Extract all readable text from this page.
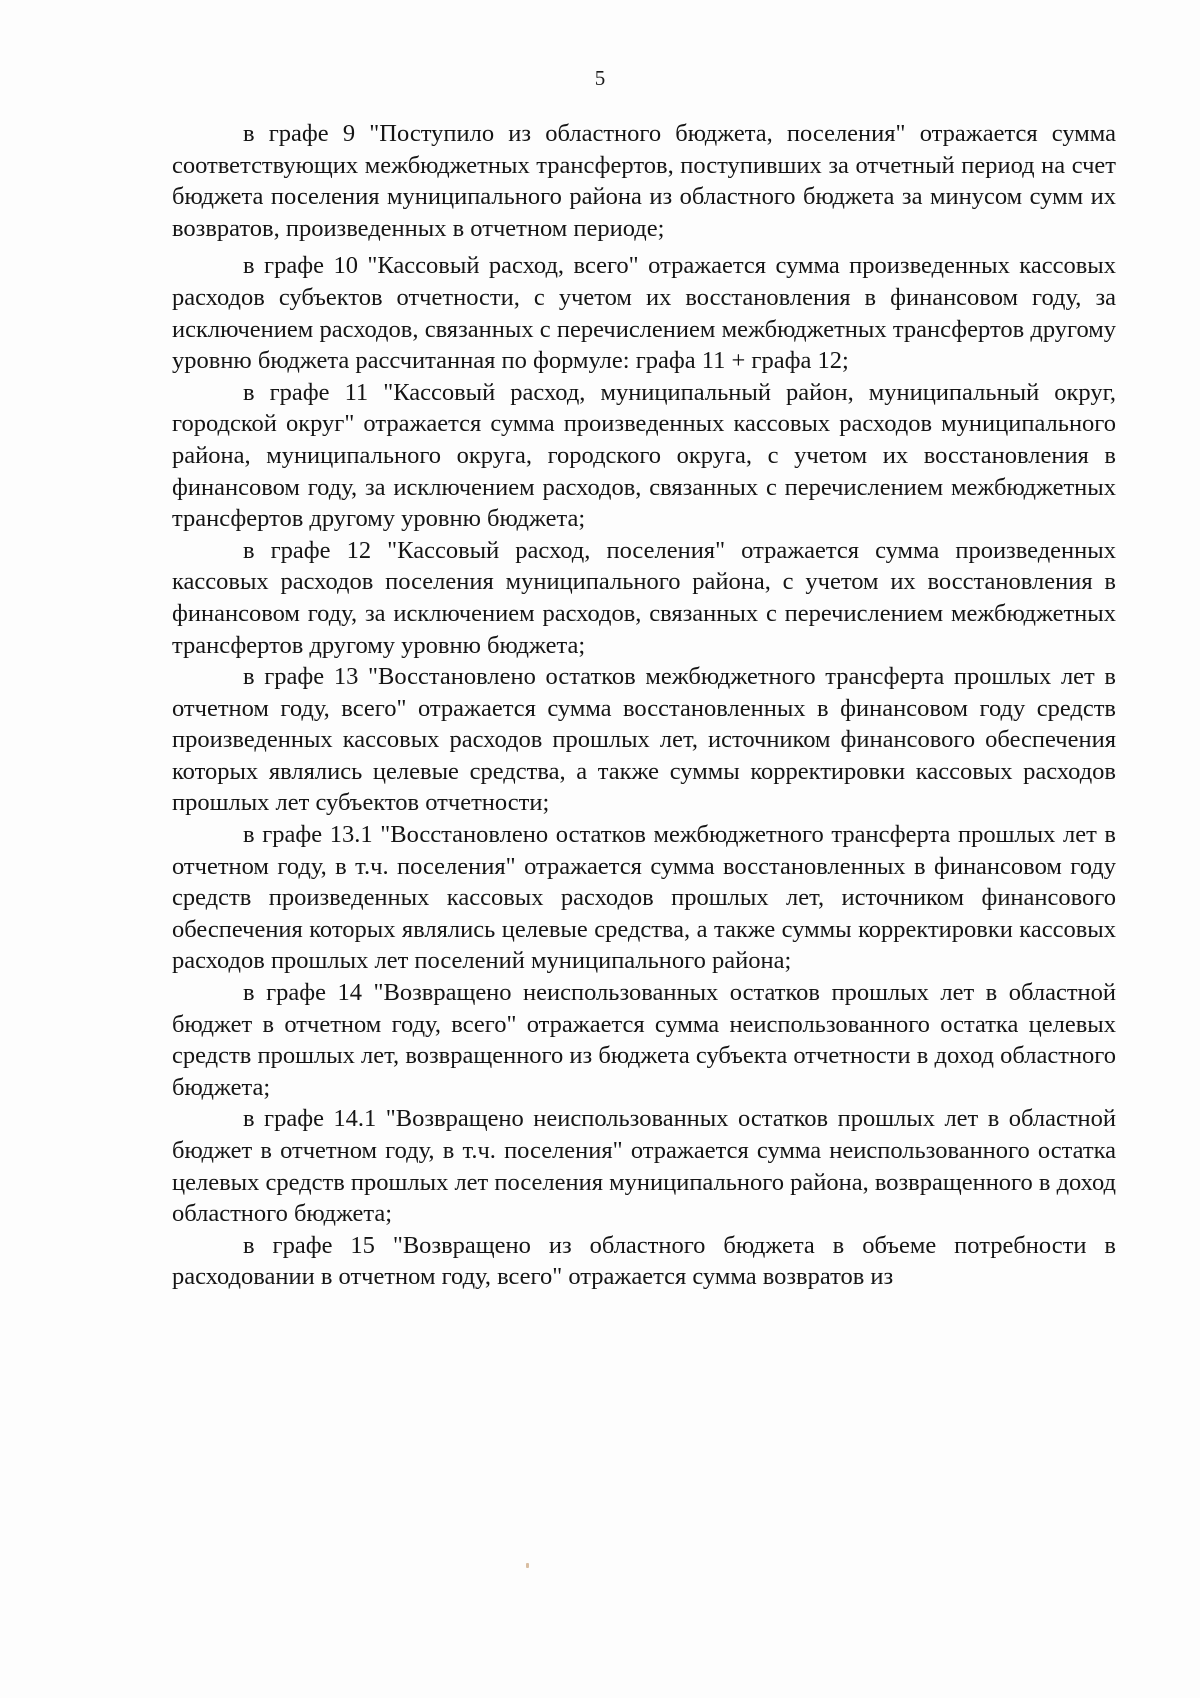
5

в графе 9 "Поступило из областного бюджета, поселения" отражается сумма соответствующих межбюджетных трансфертов, поступивших за отчетный период на счет бюджета поселения муниципального района из областного бюджета за минусом сумм их возвратов, произведенных в отчетном периоде;

в графе 10 "Кассовый расход, всего" отражается сумма произведенных кассовых расходов субъектов отчетности, с учетом их восстановления в финансовом году, за исключением расходов, связанных с перечислением межбюджетных трансфертов другому уровню бюджета рассчитанная по формуле: графа 11 + графа 12;

в графе 11 "Кассовый расход, муниципальный район, муниципальный округ, городской округ" отражается сумма произведенных кассовых расходов муниципального района, муниципального округа, городского округа, с учетом их восстановления в финансовом году, за исключением расходов, связанных с перечислением межбюджетных трансфертов другому уровню бюджета;

в графе 12 "Кассовый расход, поселения" отражается сумма произведенных кассовых расходов поселения муниципального района, с учетом их восстановления в финансовом году, за исключением расходов, связанных с перечислением межбюджетных трансфертов другому уровню бюджета;

в графе 13 "Восстановлено остатков межбюджетного трансферта прошлых лет в отчетном году, всего" отражается сумма восстановленных в финансовом году средств произведенных кассовых расходов прошлых лет, источником финансового обеспечения которых являлись целевые средства, а также суммы корректировки кассовых расходов прошлых лет субъектов отчетности;

в графе 13.1 "Восстановлено остатков межбюджетного трансферта прошлых лет в отчетном году, в т.ч. поселения" отражается сумма восстановленных в финансовом году средств произведенных кассовых расходов прошлых лет, источником финансового обеспечения которых являлись целевые средства, а также суммы корректировки кассовых расходов прошлых лет поселений муниципального района;

в графе 14 "Возвращено неиспользованных остатков прошлых лет в областной бюджет в отчетном году, всего" отражается сумма неиспользованного остатка целевых средств прошлых лет, возвращенного из бюджета субъекта отчетности в доход областного бюджета;

в графе 14.1 "Возвращено неиспользованных остатков прошлых лет в областной бюджет в отчетном году, в т.ч. поселения" отражается сумма неиспользованного остатка целевых средств прошлых лет поселения муниципального района, возвращенного в доход областного бюджета;

в графе 15 "Возвращено из областного бюджета в объеме потребности в расходовании в отчетном году, всего" отражается сумма возвратов из
